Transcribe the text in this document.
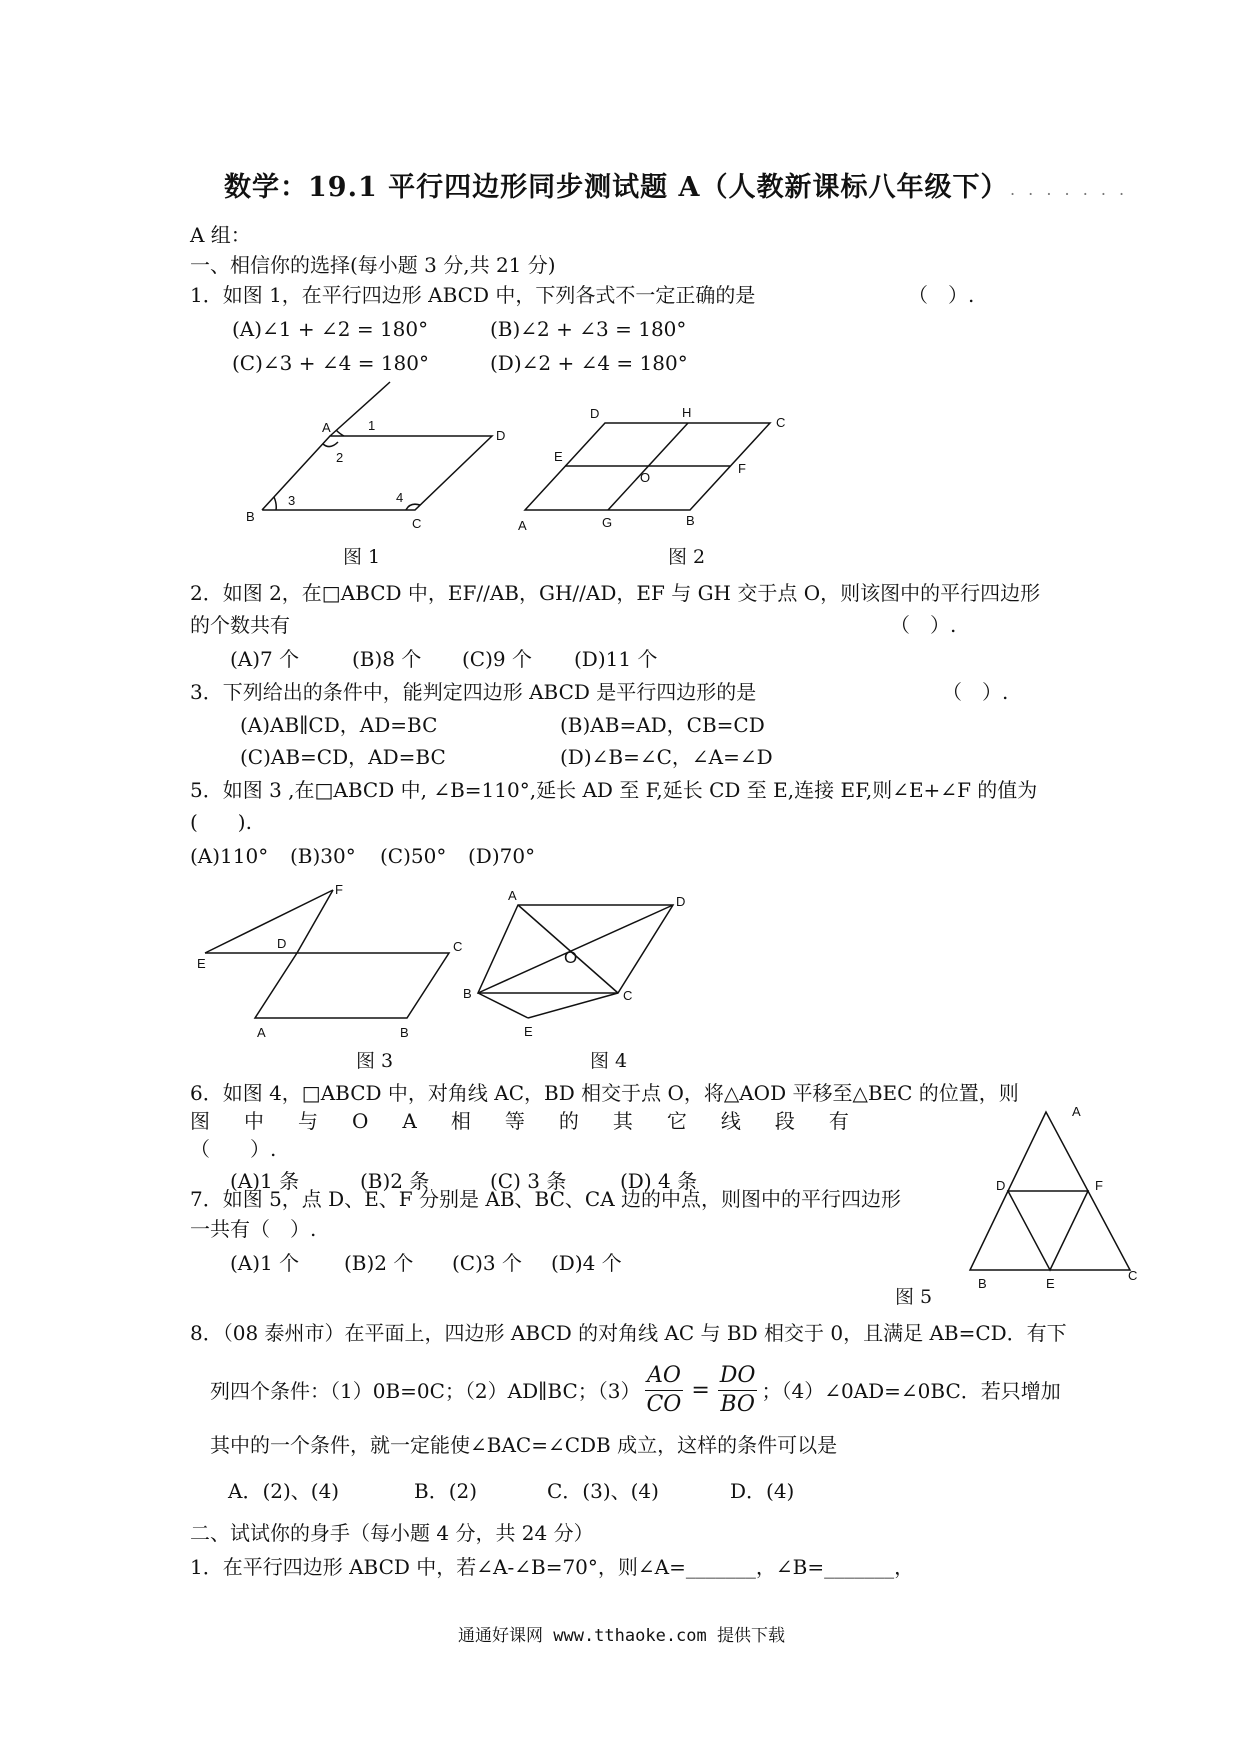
数学：19.1 平行四边形同步测试题 A（人教新课标八年级下） . . . . . . .
A 组：
一、相信你的选择(每小题 3 分,共 21 分)
1．如图 1，在平行四边形 ABCD 中，下列各式不一定正确的是	（　）.
(A)∠1 + ∠2 = 180°	(B)∠2 + ∠3 = 180°
(C)∠3 + ∠4 = 180°	(D)∠2 + ∠4 = 180°
A
B	C
D
1
2
3	4
A	B
C
D
E
F
G
H
O
图 1	图 2
2．如图 2，在□ABCD 中，EF//AB，GH//AD，EF 与 GH 交于点 O，则该图中的平行四边形
的个数共有	（　）.
(A)7 个	(B)8 个 (C)9 个 (D)11 个
3．下列给出的条件中，能判定四边形 ABCD 是平行四边形的是	（　）.
(A)AB∥CD，AD=BC	(B)AB=AD，CB=CD
(C)AB=CD，AD=BC	(D)∠B=∠C，∠A=∠D
5．如图 3 ,在□ABCD 中, ∠B=110°,延长 AD 至 F,延长 CD 至 E,连接 EF,则∠E+∠F 的值为
(　　).
(A)110° (B)30° (C)50° (D)70°
A	B
C
D
E
F	A
B	C
D
E
O
图 3	图 4
6．如图 4，□ABCD 中，对角线 AC，BD 相交于点 O，将△AOD 平移至△BEC 的位置，则
图中与OA相等的其它线段有
（　　）.
(A)1 条	(B)2 条	(C) 3 条	(D) 4 条
A
B
C
D
E
F
图 5
7．如图 5，点 D、E、F 分别是 AB、BC、CA 边的中点，则图中的平行四边形
一共有（　）.
(A)1 个 (B)2 个 (C)3 个 (D)4 个
8．（08 泰州市）在平面上，四边形 ABCD 的对角线 AC 与 BD 相交于 0，且满足 AB=CD．有下
列四个条件：（1）0B=0C；（2）AD∥BC；$(3) \frac{AO}{CO} = \frac{DO}{BO}$ ；（4）∠0AD=∠0BC．若只增加
其中的一个条件，就一定能使∠BAC=∠CDB 成立，这样的条件可以是
A．(2)、(4)	B．(2)	C．(3)、(4)	D．(4)
二、试试你的身手（每小题 4 分，共 24 分）
1．在平行四边形 ABCD 中，若∠A-∠B=70°，则∠A=_______，∠B=_______，
通通好课网 www.tthaoke.com 提供下载
